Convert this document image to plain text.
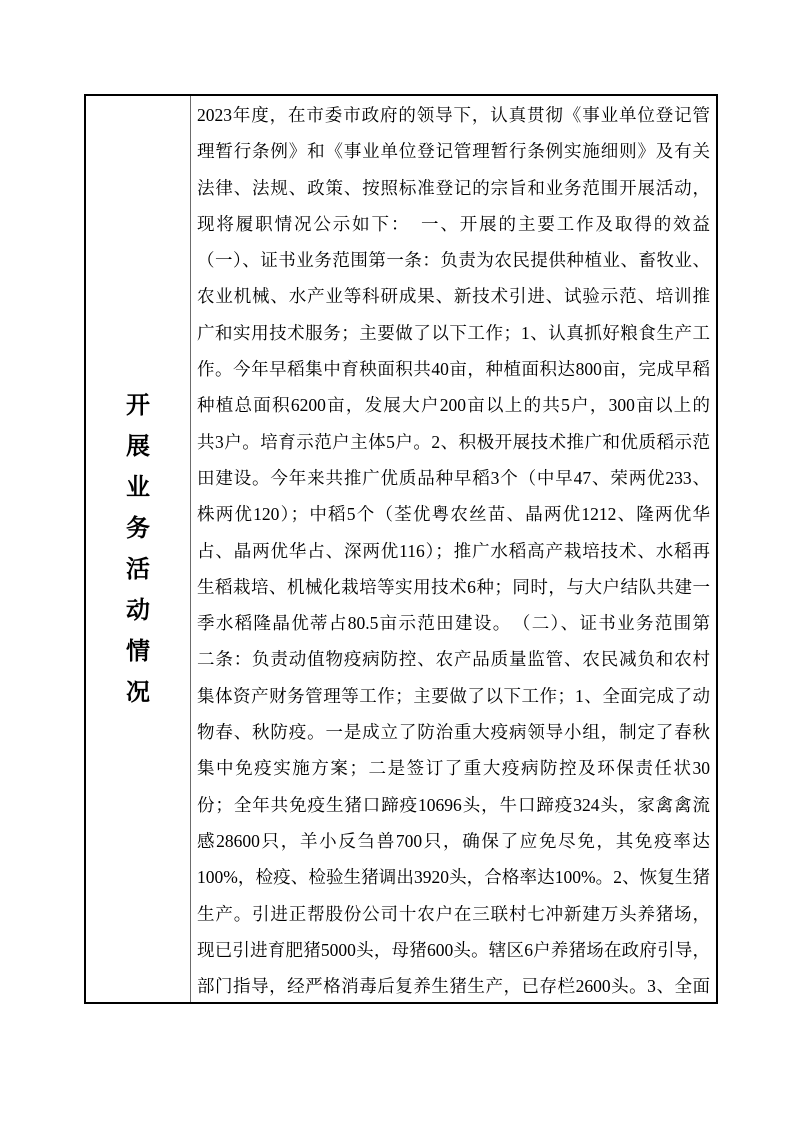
开
展
业
务
活
动
情
况
2023年度，在市委市政府的领导下，认真贯彻《事业单位登记管
理暂行条例》和《事业单位登记管理暂行条例实施细则》及有关
法律、法规、政策、按照标准登记的宗旨和业务范围开展活动，
现将履职情况公示如下：　一、开展的主要工作及取得的效益
（一）、证书业务范围第一条：负责为农民提供种植业、畜牧业、
农业机械、水产业等科研成果、新技术引进、试验示范、培训推
广和实用技术服务；主要做了以下工作；1、认真抓好粮食生产工
作。今年早稻集中育秧面积共40亩，种植面积达800亩，完成早稻
种植总面积6200亩，发展大户200亩以上的共5户，300亩以上的
共3户。培育示范户主体5户。2、积极开展技术推广和优质稻示范
田建设。今年来共推广优质品种早稻3个（中早47、荣两优233、
株两优120）；中稻5个（荃优粤农丝苗、晶两优1212、隆两优华
占、晶两优华占、深两优116）；推广水稻高产栽培技术、水稻再
生稻栽培、机械化栽培等实用技术6种；同时，与大户结队共建一
季水稻隆晶优蒂占80.5亩示范田建设。　（二）、证书业务范围第
二条：负责动值物疫病防控、农产品质量监管、农民减负和农村
集体资产财务管理等工作；主要做了以下工作；1、全面完成了动
物春、秋防疫。一是成立了防治重大疫病领导小组，制定了春秋
集中免疫实施方案；二是签订了重大疫病防控及环保责任状30
份；全年共免疫生猪口蹄疫10696头，牛口蹄疫324头，家禽禽流
感28600只，羊小反刍兽700只，确保了应免尽免，其免疫率达
100%，检疫、检验生猪调出3920头，合格率达100%。2、恢复生猪
生产。引进正帮股份公司十农户在三联村七冲新建万头养猪场，
现已引进育肥猪5000头，母猪600头。辖区6户养猪场在政府引导，
部门指导，经严格消毒后复养生猪生产，已存栏2600头。3、全面
